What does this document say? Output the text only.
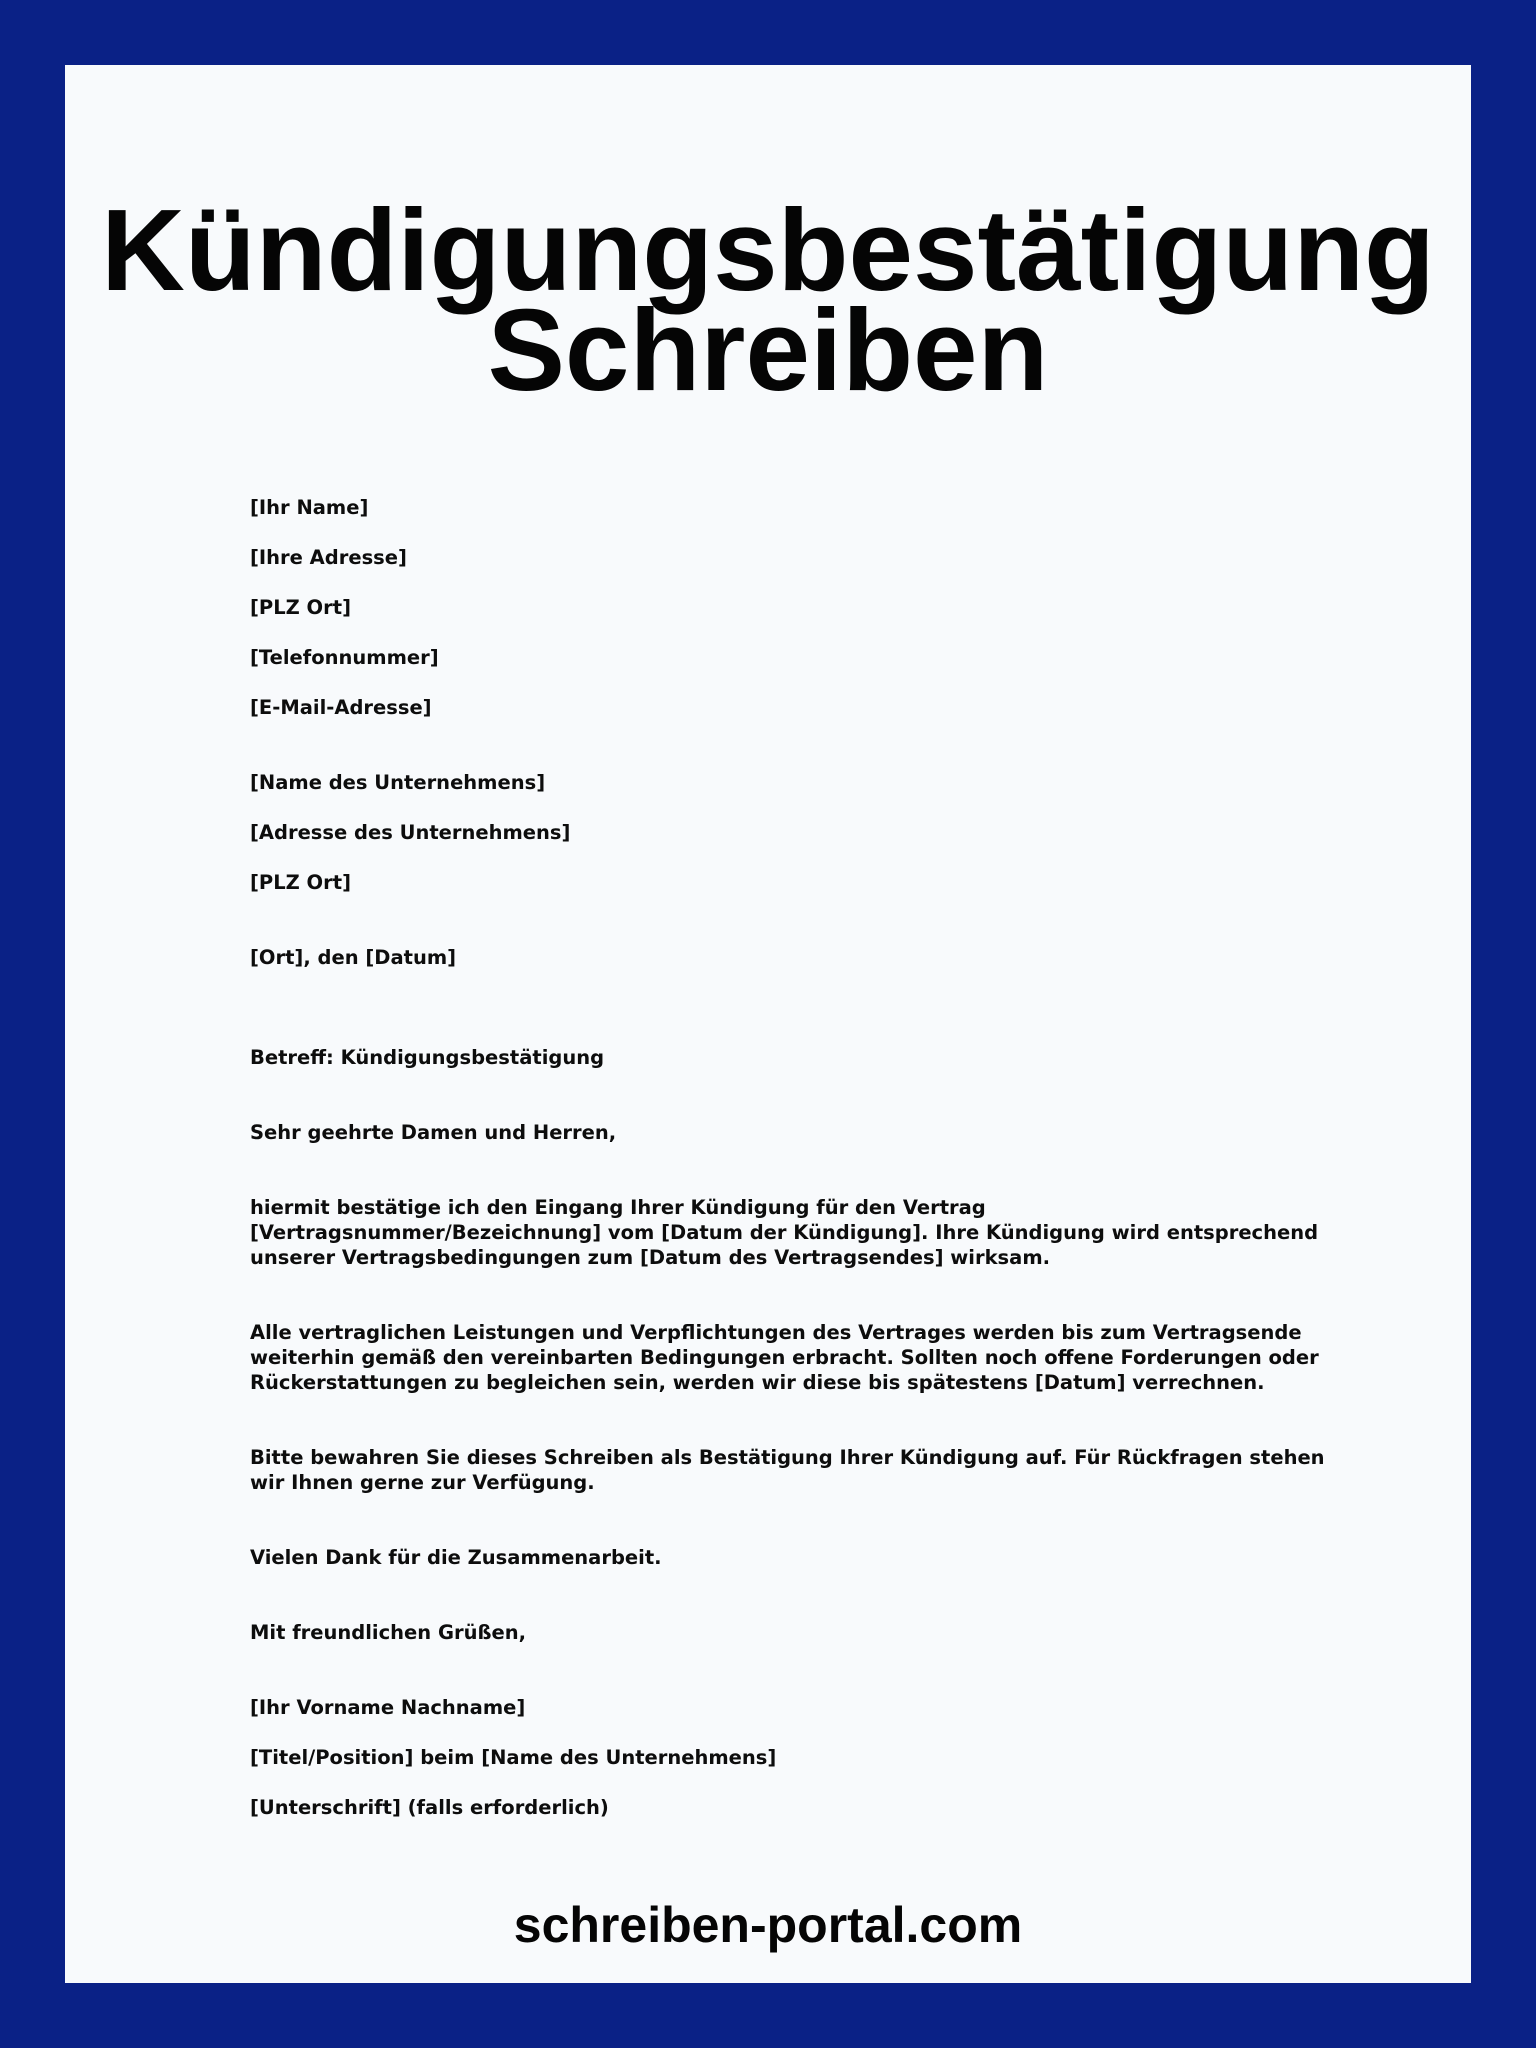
Kündigungsbestätigung
Schreiben
[Ihr Name]
[Ihre Adresse]
[PLZ Ort]
[Telefonnummer]
[E-Mail-Adresse]
[Name des Unternehmens]
[Adresse des Unternehmens]
[PLZ Ort]
[Ort], den [Datum]
Betreff: Kündigungsbestätigung
Sehr geehrte Damen und Herren,
hiermit bestätige ich den Eingang Ihrer Kündigung für den Vertrag [Vertragsnummer/Bezeichnung] vom [Datum der Kündigung]. Ihre Kündigung wird entsprechend unserer Vertragsbedingungen zum [Datum des Vertragsendes] wirksam.
Alle vertraglichen Leistungen und Verpflichtungen des Vertrages werden bis zum Vertragsende weiterhin gemäß den vereinbarten Bedingungen erbracht. Sollten noch offene Forderungen oder Rückerstattungen zu begleichen sein, werden wir diese bis spätestens [Datum] verrechnen.
Bitte bewahren Sie dieses Schreiben als Bestätigung Ihrer Kündigung auf. Für Rückfragen stehen wir Ihnen gerne zur Verfügung.
Vielen Dank für die Zusammenarbeit.
Mit freundlichen Grüßen,
[Ihr Vorname Nachname]
[Titel/Position] beim [Name des Unternehmens]
[Unterschrift] (falls erforderlich)
schreiben-portal.com
